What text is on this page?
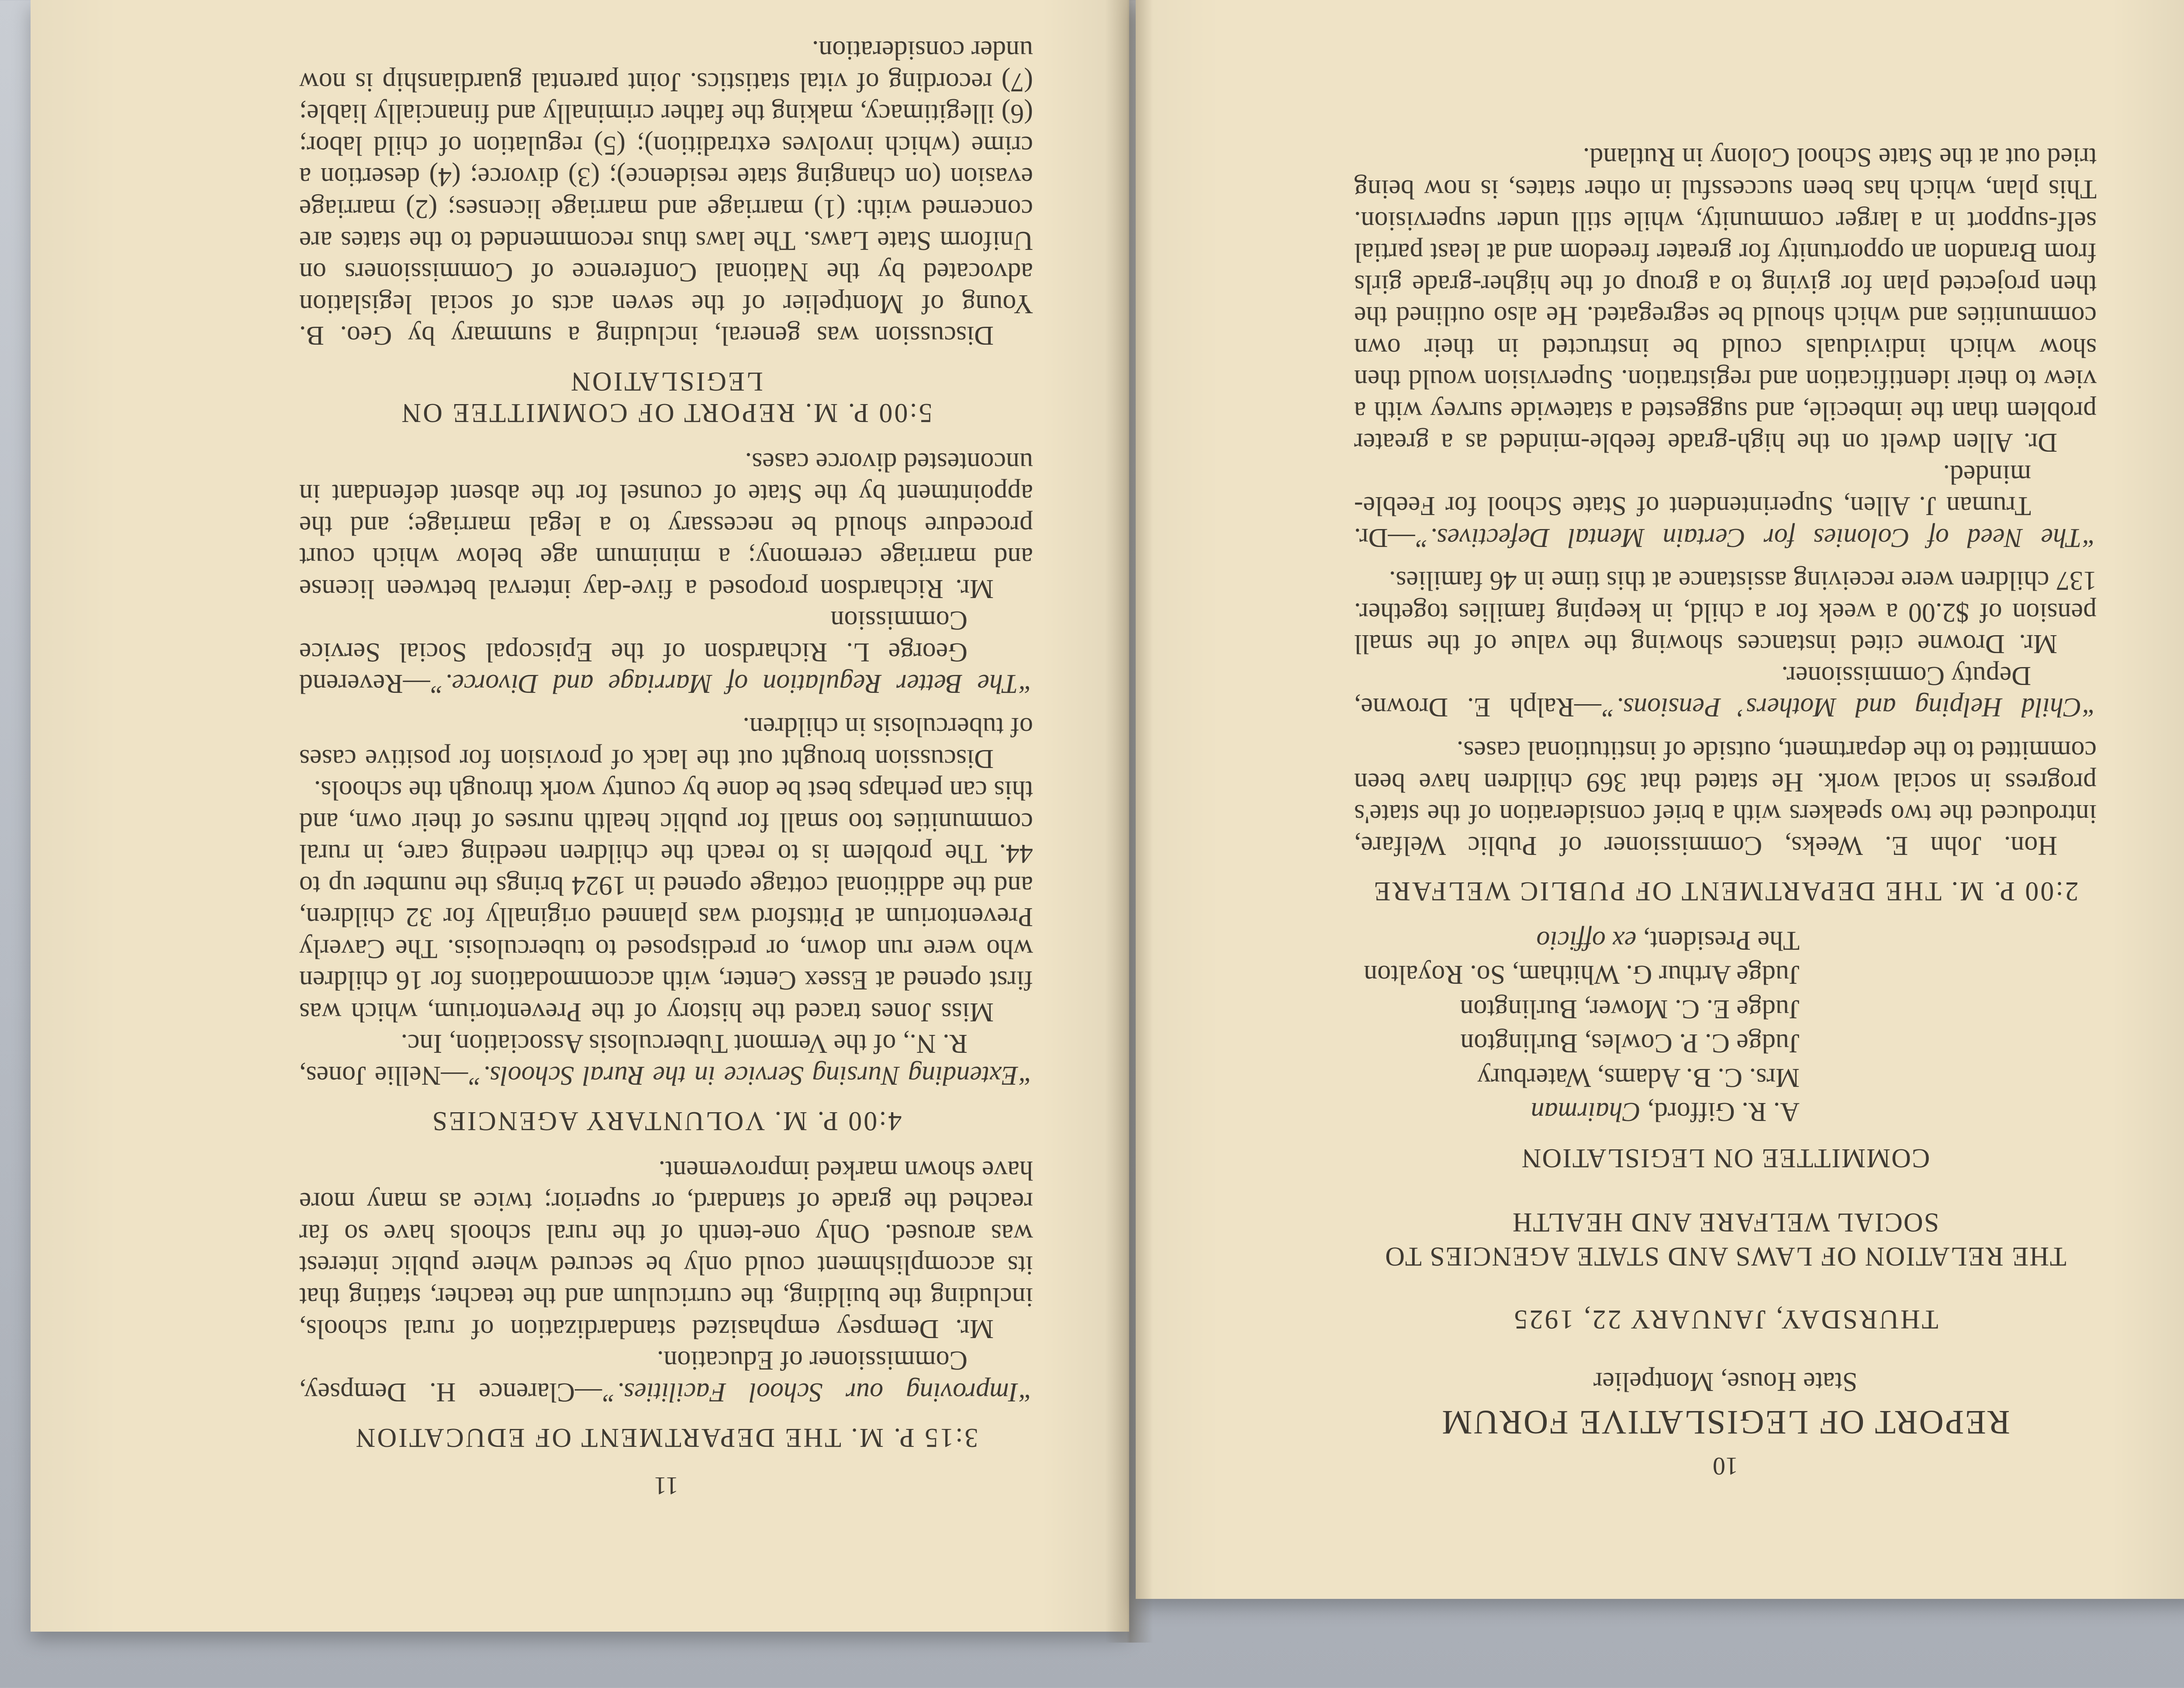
11
3:15 P. M. THE DEPARTMENT OF EDUCATION

“Improving our School Facilities.”—Clarence H. Dempsey, Commissioner of Education.

Mr. Dempsey emphasized standardization of rural schools, including the building, the curriculum and the teacher, stating that its accomplishment could only be secured where public interest was aroused. Only one-tenth of the rural schools have so far reached the grade of standard, or superior; twice as many more have shown marked improvement.

4:00 P. M. VOLUNTARY AGENCIES

“Extending Nursing Service in the Rural Schools.”—Nellie Jones, R. N., of the Vermont Tuberculosis Association, Inc.

Miss Jones traced the history of the Preventorium, which was first opened at Essex Center, with accommodations for 16 children who were run down, or predisposed to tuberculosis. The Caverly Preventorium at Pittsford was planned originally for 32 children, and the additional cottage opened in 1924 brings the number up to 44. The problem is to reach the children needing care, in rural communities too small for public health nurses of their own, and this can perhaps best be done by county work through the schools.

Discussion brought out the lack of provision for positive cases of tuberculosis in children.

“The Better Regulation of Marriage and Divorce.”—Reverend George L. Richardson of the Episcopal Social Service Commission

Mr. Richardson proposed a five-day interval between license and marriage ceremony; a minimum age below which court procedure should be necessary to a legal marriage; and the appointment by the State of counsel for the absent defendant in uncontested divorce cases.

5:00 P. M. REPORT OF COMMITTEE ON LEGISLATION

Discussion was general, including a summary by Geo. B. Young of Montpelier of the seven acts of social legislation advocated by the National Conference of Commissioners on Uniform State Laws. The laws thus recommended to the states are concerned with: (1) marriage and marriage licenses; (2) marriage evasion (on changing state residence); (3) divorce; (4) desertion a crime (which involves extradition); (5) regulation of child labor; (6) illegitimacy, making the father criminally and financially liable; (7) recording of vital statistics. Joint parental guardianship is now under consideration.

10
REPORT OF LEGISLATIVE FORUM
State House, Montpelier
THURSDAY, JANUARY 22, 1925
THE RELATION OF LAWS AND STATE AGENCIES TO
SOCIAL WELFARE AND HEALTH
COMMITTEE ON LEGISLATION
A. R. Gifford, Chairman
Mrs. C. B. Adams, Waterbury
Judge C. P. Cowles, Burlington
Judge E. C. Mower, Burlington
Judge Arthur G. Whitham, So. Royalton
The President, ex officio
2:00 P. M. THE DEPARTMENT OF PUBLIC WELFARE

Hon. John E. Weeks, Commissioner of Public Welfare, introduced the two speakers with a brief consideration of the state's progress in social work. He stated that 369 children have been committed to the department, outside of institutional cases.

“Child Helping and Mothers’ Pensions.”—Ralph E. Drowne, Deputy Commissioner.

Mr. Drowne cited instances showing the value of the small pension of $2.00 a week for a child, in keeping families together. 137 children were receiving assistance at this time in 46 families.

“The Need of Colonies for Certain Mental Defectives.”—Dr. Truman J. Allen, Superintendent of State School for Feeble-minded.

Dr. Allen dwelt on the high-grade feeble-minded as a greater problem than the imbecile, and suggested a statewide survey with a view to their identification and registration. Supervision would then show which individuals could be instructed in their own communities and which should be segregated. He also outlined the then projected plan for giving to a group of the higher-grade girls from Brandon an opportunity for greater freedom and at least partial self-support in a larger community, while still under supervision. This plan, which has been successful in other states, is now being tried out at the State School Colony in Rutland.
